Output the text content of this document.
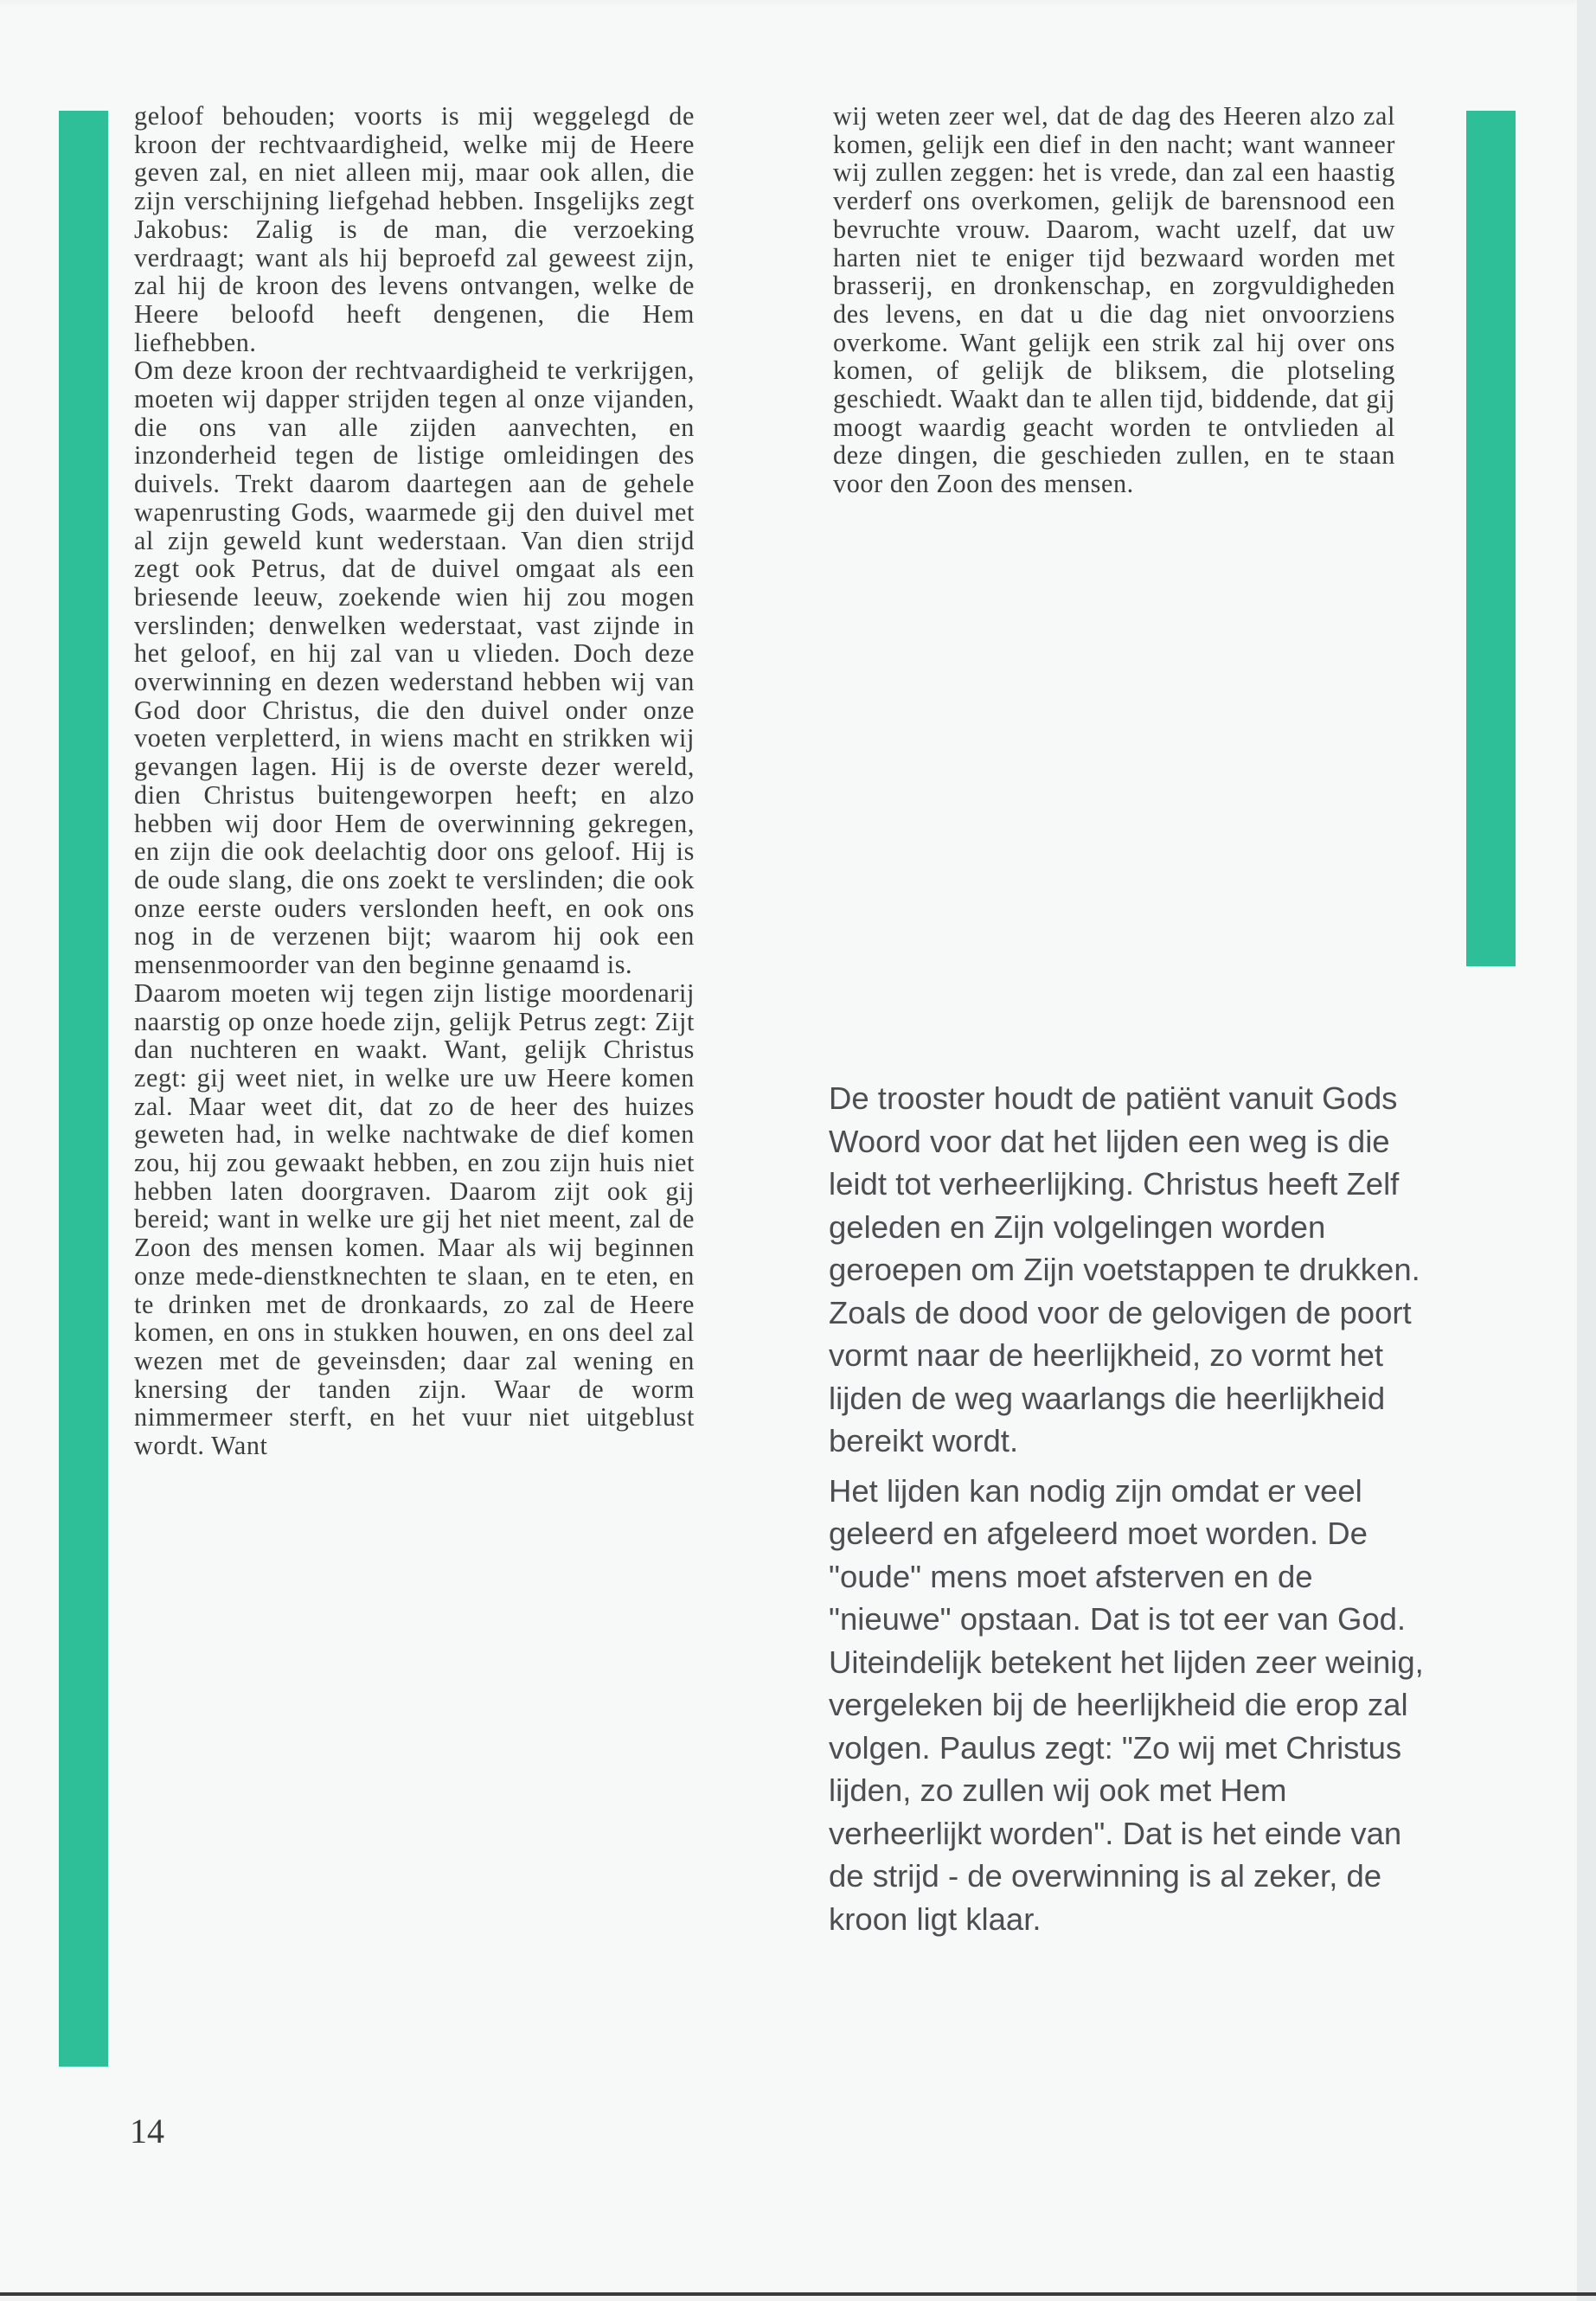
geloof behouden; voorts is mij weggelegd de kroon der rechtvaardigheid, welke mij de Heere geven zal, en niet alleen mij, maar ook allen, die zijn verschijning liefgehad hebben. Insgelijks zegt Jakobus: Zalig is de man, die verzoeking verdraagt; want als hij beproefd zal geweest zijn, zal hij de kroon des levens ontvangen, welke de Heere beloofd heeft dengenen, die Hem liefhebben.

Om deze kroon der rechtvaardigheid te verkrijgen, moeten wij dapper strijden tegen al onze vijanden, die ons van alle zijden aanvechten, en inzonderheid tegen de listige omleidingen des duivels. Trekt daarom daartegen aan de gehele wapenrusting Gods, waarmede gij den duivel met al zijn geweld kunt wederstaan. Van dien strijd zegt ook Petrus, dat de duivel omgaat als een briesende leeuw, zoekende wien hij zou mogen verslinden; denwelken wederstaat, vast zijnde in het geloof, en hij zal van u vlieden. Doch deze overwinning en dezen wederstand hebben wij van God door Christus, die den duivel onder onze voeten verpletterd, in wiens macht en strikken wij gevangen lagen. Hij is de overste dezer wereld, dien Christus buitengeworpen heeft; en alzo hebben wij door Hem de overwinning gekregen, en zijn die ook deelachtig door ons geloof. Hij is de oude slang, die ons zoekt te verslinden; die ook onze eerste ouders verslonden heeft, en ook ons nog in de verzenen bijt; waarom hij ook een mensenmoorder van den beginne genaamd is.

Daarom moeten wij tegen zijn listige moordenarij naarstig op onze hoede zijn, gelijk Petrus zegt: Zijt dan nuchteren en waakt. Want, gelijk Christus zegt: gij weet niet, in welke ure uw Heere komen zal. Maar weet dit, dat zo de heer des huizes geweten had, in welke nachtwake de dief komen zou, hij zou gewaakt hebben, en zou zijn huis niet hebben laten doorgraven. Daarom zijt ook gij bereid; want in welke ure gij het niet meent, zal de Zoon des mensen komen. Maar als wij beginnen onze mede-dienstknechten te slaan, en te eten, en te drinken met de dronkaards, zo zal de Heere komen, en ons in stukken houwen, en ons deel zal wezen met de geveinsden; daar zal wening en knersing der tanden zijn. Waar de worm nimmermeer sterft, en het vuur niet uitgeblust wordt. Want

wij weten zeer wel, dat de dag des Heeren alzo zal komen, gelijk een dief in den nacht; want wanneer wij zullen zeggen: het is vrede, dan zal een haastig verderf ons overkomen, gelijk de barensnood een bevruchte vrouw. Daarom, wacht uzelf, dat uw harten niet te eniger tijd bezwaard worden met brasserij, en dronkenschap, en zorgvuldigheden des levens, en dat u die dag niet onvoorziens overkome. Want gelijk een strik zal hij over ons komen, of gelijk de bliksem, die plotseling geschiedt. Waakt dan te allen tijd, biddende, dat gij moogt waardig geacht worden te ontvlieden al deze dingen, die geschieden zullen, en te staan voor den Zoon des mensen.

De trooster houdt de patiënt vanuit Gods Woord voor dat het lijden een weg is die leidt tot verheerlijking. Christus heeft Zelf geleden en Zijn volgelingen worden geroepen om Zijn voetstappen te drukken. Zoals de dood voor de gelovigen de poort vormt naar de heerlijkheid, zo vormt het lijden de weg waarlangs die heerlijkheid bereikt wordt.

Het lijden kan nodig zijn omdat er veel geleerd en afgeleerd moet worden. De "oude" mens moet afsterven en de "nieuwe" opstaan. Dat is tot eer van God. Uiteindelijk betekent het lijden zeer weinig, vergeleken bij de heerlijkheid die erop zal volgen. Paulus zegt: "Zo wij met Christus lijden, zo zullen wij ook met Hem verheerlijkt worden". Dat is het einde van de strijd - de overwinning is al zeker, de kroon ligt klaar.

14
